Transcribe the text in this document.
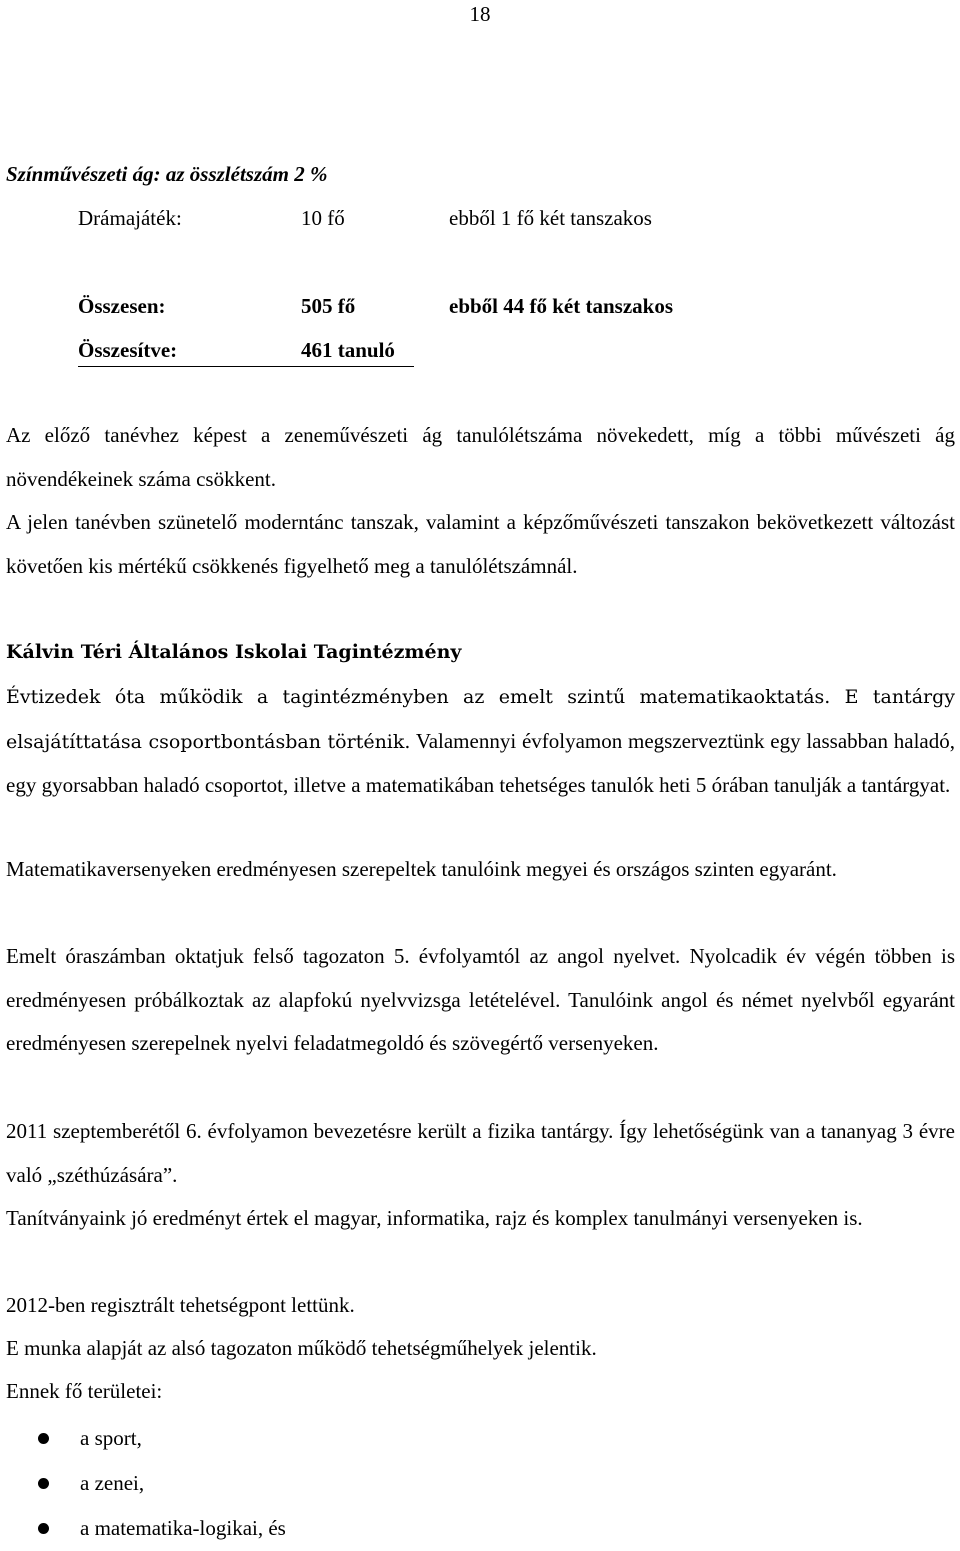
18
Színművészeti ág: az összlétszám 2 %
Drámajáték:	10 fő	ebből 1 fő két tanszakos
Összesen:	505 fő	ebből 44 fő két tanszakos
Összesítve:	461 tanuló

Az előző tanévhez képest a zeneművészeti ág tanulólétszáma növekedett, míg a többi művészeti ág növendékeinek száma csökkent.

A jelen tanévben szünetelő moderntánc tanszak, valamint a képzőművészeti tanszakon bekövetkezett változást követően kis mértékű csökkenés figyelhető meg a tanulólétszámnál.

Kálvin Téri Általános Iskolai Tagintézmény

Évtizedek óta működik a tagintézményben az emelt szintű matematikaoktatás. E tantárgy elsajátíttatása csoportbontásban történik. Valamennyi évfolyamon megszerveztünk egy lassabban haladó, egy gyorsabban haladó csoportot, illetve a matematikában tehetséges tanulók heti 5 órában tanulják a tantárgyat.

Matematikaversenyeken eredményesen szerepeltek tanulóink megyei és országos szinten egyaránt.

Emelt óraszámban oktatjuk felső tagozaton 5. évfolyamtól az angol nyelvet. Nyolcadik év végén többen is eredményesen próbálkoztak az alapfokú nyelvvizsga letételével. Tanulóink angol és német nyelvből egyaránt eredményesen szerepelnek nyelvi feladatmegoldó és szövegértő versenyeken.

2011 szeptemberétől 6. évfolyamon bevezetésre került a fizika tantárgy. Így lehetőségünk van a tananyag 3 évre való „széthúzására”.

Tanítványaink jó eredményt értek el magyar, informatika, rajz és komplex tanulmányi versenyeken is.

2012-ben regisztrált tehetségpont lettünk.

E munka alapját az alsó tagozaton működő tehetségműhelyek jelentik.

Ennek fő területei:

a sport,
a zenei,
a matematika-logikai, és
